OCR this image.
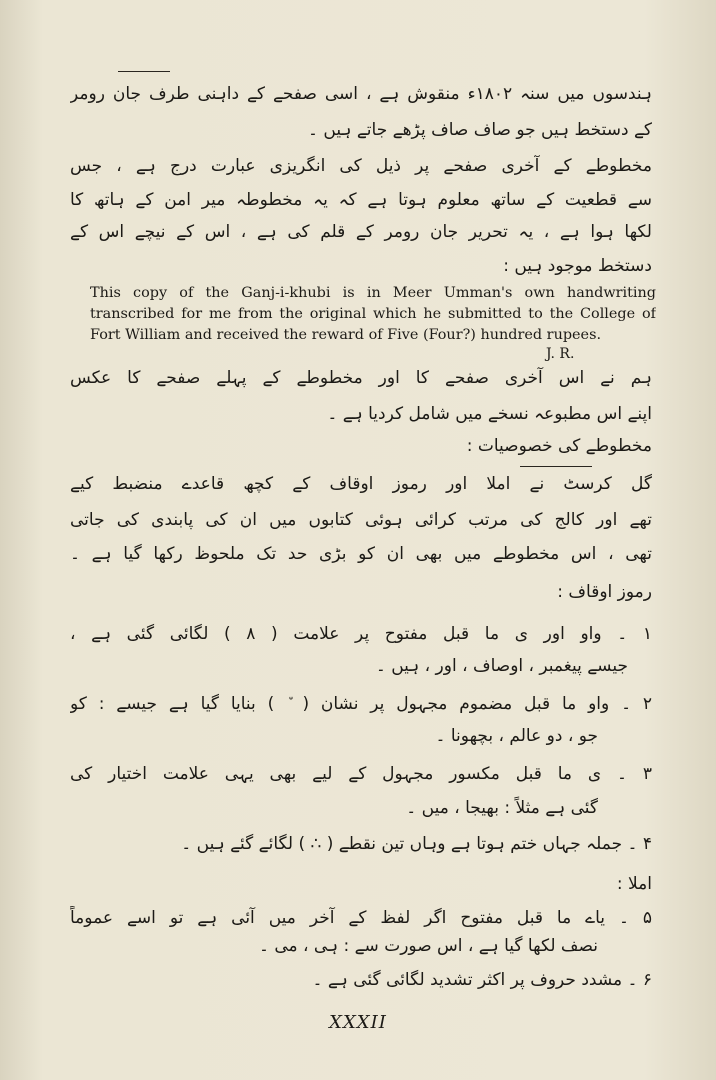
ہندسوں میں سنہ ۱۸۰۲ء منقوش ہے ، اسی صفحے کے داہنی طرف جان رومر
کے دستخط ہیں جو صاف صاف پڑھے جاتے ہیں ۔
مخطوطے کے آخری صفحے پر ذیل کی انگریزی عبارت درج ہے ، جس
سے قطعیت کے ساتھ معلوم ہوتا ہے کہ یہ مخطوطہ میر امن کے ہاتھ کا
لکھا ہوا ہے ، یہ تحریر جان رومر کے قلم کی ہے ، اس کے نیچے اس کے
دستخط موجود ہیں :
This copy of the Ganj-i-khubi is in Meer Umman's own handwriting
transcribed for me from the original which he submitted to the College of
Fort William and received the reward of Five (Four?) hundred rupees.
J. R.
ہم نے اس آخری صفحے کا اور مخطوطے کے پہلے صفحے کا عکس
اپنے اس مطبوعہ نسخے میں شامل کردیا ہے ۔
مخطوطے کی خصوصیات :
گل کرسٹ نے املا اور رموز اوقاف کے کچھ قاعدے منضبط کیے
تھے اور کالج کی مرتب کرائی ہوئی کتابوں میں ان کی پابندی کی جاتی
تھی ، اس مخطوطے میں بھی ان کو بڑی حد تک ملحوظ رکھا گیا ہے ۔
رموز اوقاف :
۱ ۔ واو اور ی ما قبل مفتوح پر علامت ( ۸ ) لگائی گئی ہے ،
جیسے پیغمبر ، اوصاف ، اور ، ہیں ۔
۲ ۔ واو ما قبل مضموم مجہول پر نشان ( ٘ ) بنایا گیا ہے جیسے : کو
جو ، دو عالم ، بچھونا ۔
۳ ۔ ی ما قبل مکسور مجہول کے لیے بھی یہی علامت اختیار کی
گئی ہے مثلاً : بھیجا ، میں ۔
۴ ۔ جملہ جہاں ختم ہوتا ہے وہاں تین نقطے ( ∴ ) لگائے گئے ہیں ۔
املا :
۵ ۔ یاے ما قبل مفتوح اگر لفظ کے آخر میں آئی ہے تو اسے عموماً
نصف لکھا گیا ہے ، اس صورت سے : ہی ، می ۔
۶ ۔ مشدد حروف پر اکثر تشدید لگائی گئی ہے ۔
XXXII
